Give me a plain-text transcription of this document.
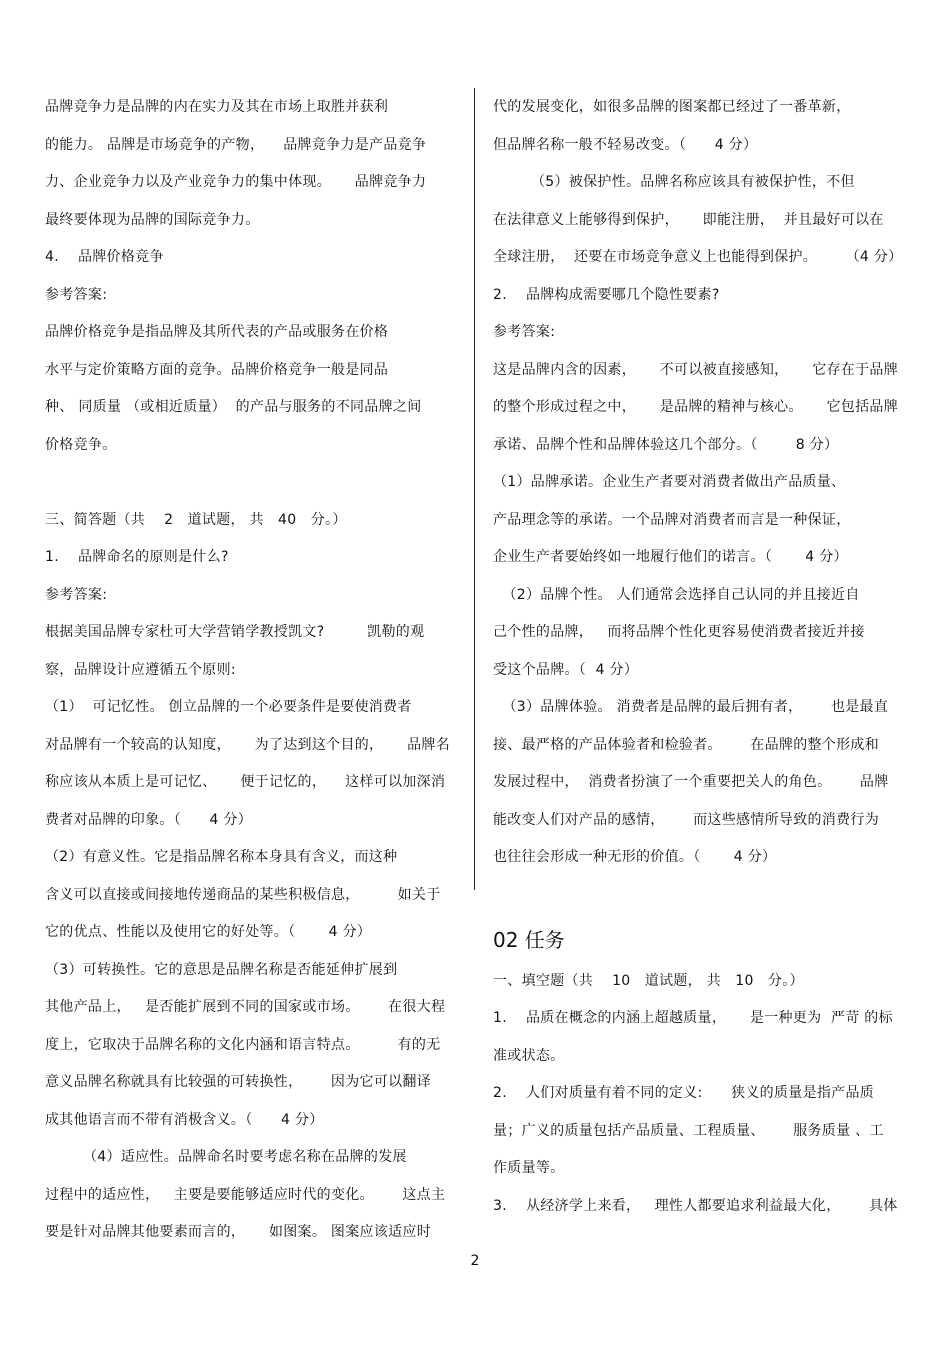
品牌竞争力是品牌的内在实力及其在市场上取胜并获利
的能力。 品牌是市场竞争的产物，    品牌竞争力是产品竞争
力、企业竞争力以及产业竞争力的集中体现。     品牌竞争力
最终要体现为品牌的国际竞争力。
4.    品牌价格竞争
参考答案:
品牌价格竞争是指品牌及其所代表的产品或服务在价格
水平与定价策略方面的竞争。品牌价格竞争一般是同品
种、 同质量 （或相近质量）  的产品与服务的不同品牌之间
价格竞争。
三、简答题（共    2   道试题， 共   40   分。）
1.    品牌命名的原则是什么?
参考答案:
根据美国品牌专家杜可大学营销学教授凯文?         凯勒的观
察，品牌设计应遵循五个原则:
（1）  可记忆性。 创立品牌的一个必要条件是要使消费者
对品牌有一个较高的认知度，     为了达到这个目的，     品牌名
称应该从本质上是可记忆、     便于记忆的，    这样可以加深消
费者对品牌的印象。（      4 分）
（2）有意义性。它是指品牌名称本身具有含义，而这种
含义可以直接或间接地传递商品的某些积极信息，        如关于
它的优点、性能以及使用它的好处等。（       4 分）
（3）可转换性。它的意思是品牌名称是否能延伸扩展到
其他产品上，   是否能扩展到不同的国家或市场。      在很大程
度上，它取决于品牌名称的文化内涵和语言特点。        有的无
意义品牌名称就具有比较强的可转换性，      因为它可以翻译
成其他语言而不带有消极含义。（      4 分）
（4）适应性。品牌命名时要考虑名称在品牌的发展
过程中的适应性，   主要是要能够适应时代的变化。      这点主
要是针对品牌其他要素而言的，     如图案。 图案应该适应时
代的发展变化，如很多品牌的图案都已经过了一番革新，
但品牌名称一般不轻易改变。（      4 分）
（5）被保护性。品牌名称应该具有被保护性，不但
在法律意义上能够得到保护，     即能注册，  并且最好可以在
全球注册，  还要在市场竞争意义上也能得到保护。      （4 分）
2.    品牌构成需要哪几个隐性要素?
参考答案:
这是品牌内含的因素，     不可以被直接感知，     它存在于品牌
的整个形成过程之中，     是品牌的精神与核心。     它包括品牌
承诺、品牌个性和品牌体验这几个部分。（        8 分）
（1）品牌承诺。企业生产者要对消费者做出产品质量、
产品理念等的承诺。一个品牌对消费者而言是一种保证，
企业生产者要始终如一地履行他们的诺言。（       4 分）
（2）品牌个性。 人们通常会选择自己认同的并且接近自
己个性的品牌，   而将品牌个性化更容易使消费者接近并接
受这个品牌。（  4 分）
（3）品牌体验。 消费者是品牌的最后拥有者，      也是最直
接、最严格的产品体验者和检验者。      在品牌的整个形成和
发展过程中，  消费者扮演了一个重要把关人的角色。      品牌
能改变人们对产品的感情，      而这些感情所导致的消费行为
也往往会形成一种无形的价值。（       4 分）
02 任务
一、填空题（共    10   道试题， 共   10   分。）
1.    品质在概念的内涵上超越质量，     是一种更为  严苛 的标
准或状态。
2.    人们对质量有着不同的定义:      狭义的质量是指产品质
量；广义的质量包括产品质量、工程质量、      服务质量 、工
作质量等。
3.    从经济学上来看，   理性人都要追求利益最大化，      具体
2
